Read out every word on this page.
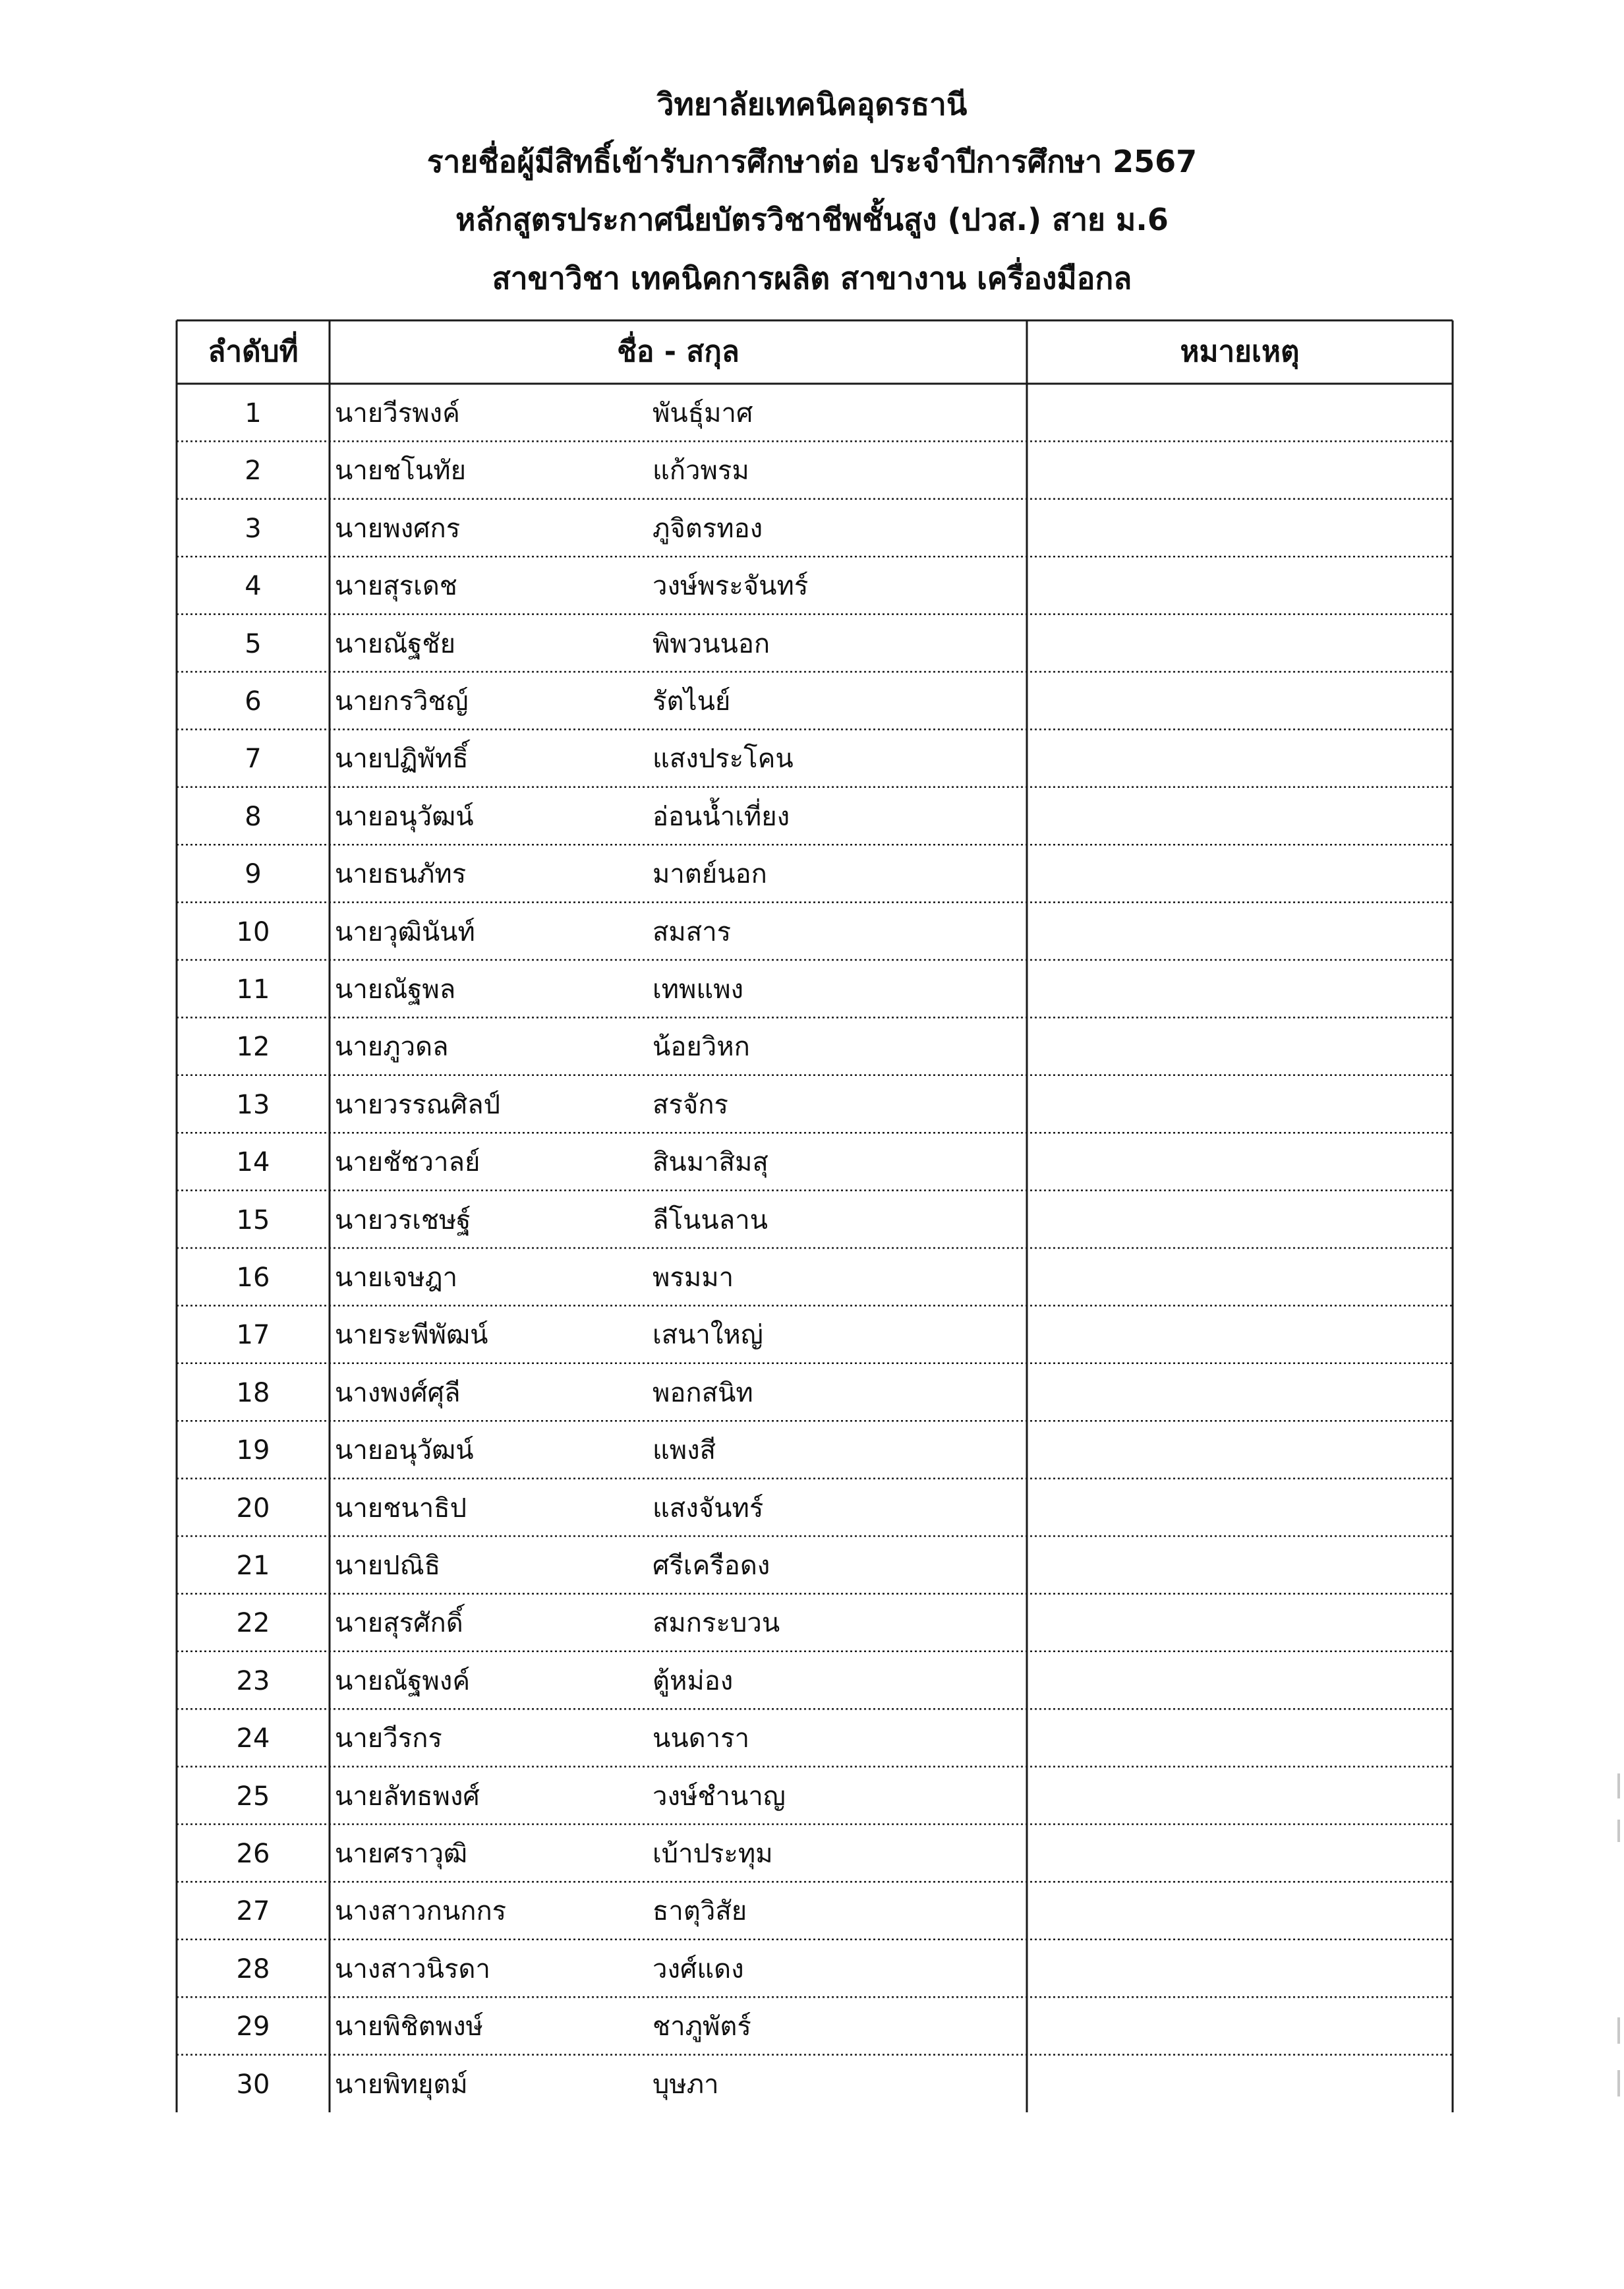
วิทยาลัยเทคนิคอุดรธานี
รายชื่อผู้มีสิทธิ์เข้ารับการศึกษาต่อ ประจำปีการศึกษา 2567
หลักสูตรประกาศนียบัตรวิชาชีพชั้นสูง (ปวส.) สาย ม.6
สาขาวิชา เทคนิคการผลิต สาขางาน เครื่องมือกล
ลำดับที่	ชื่อ - สกุล	หมายเหตุ
1	นายวีรพงค์	พันธุ์มาศ
2	นายชโนทัย	แก้วพรม
3	นายพงศกร	ภูจิตรทอง
4	นายสุรเดช	วงษ์พระจันทร์
5	นายณัฐชัย	พิพวนนอก
6	นายกรวิชญ์	รัตไนย์
7	นายปฏิพัทธิ์	แสงประโคน
8	นายอนุวัฒน์	อ่อนน้ำเที่ยง
9	นายธนภัทร	มาตย์นอก
10	นายวุฒินันท์	สมสาร
11	นายณัฐพล	เทพแพง
12	นายภูวดล	น้อยวิหก
13	นายวรรณศิลป์	สรจักร
14	นายชัชวาลย์	สินมาสิมสุ
15	นายวรเชษฐ์	ลีโนนลาน
16	นายเจษฎา	พรมมา
17	นายระพีพัฒน์	เสนาใหญ่
18	นางพงศ์ศุลี	พอกสนิท
19	นายอนุวัฒน์	แพงสี
20	นายชนาธิป	แสงจันทร์
21	นายปณิธิ	ศรีเครือดง
22	นายสุรศักดิ์	สมกระบวน
23	นายณัฐพงค์	ตู้หม่อง
24	นายวีรกร	นนดารา
25	นายลัทธพงศ์	วงษ์ชำนาญ
26	นายศราวุฒิ	เบ้าประทุม
27	นางสาวกนกกร	ธาตุวิสัย
28	นางสาวนิรดา	วงศ์แดง
29	นายพิชิตพงษ์	ชาภูพัตร์
30	นายพิทยุตม์	บุษภา
